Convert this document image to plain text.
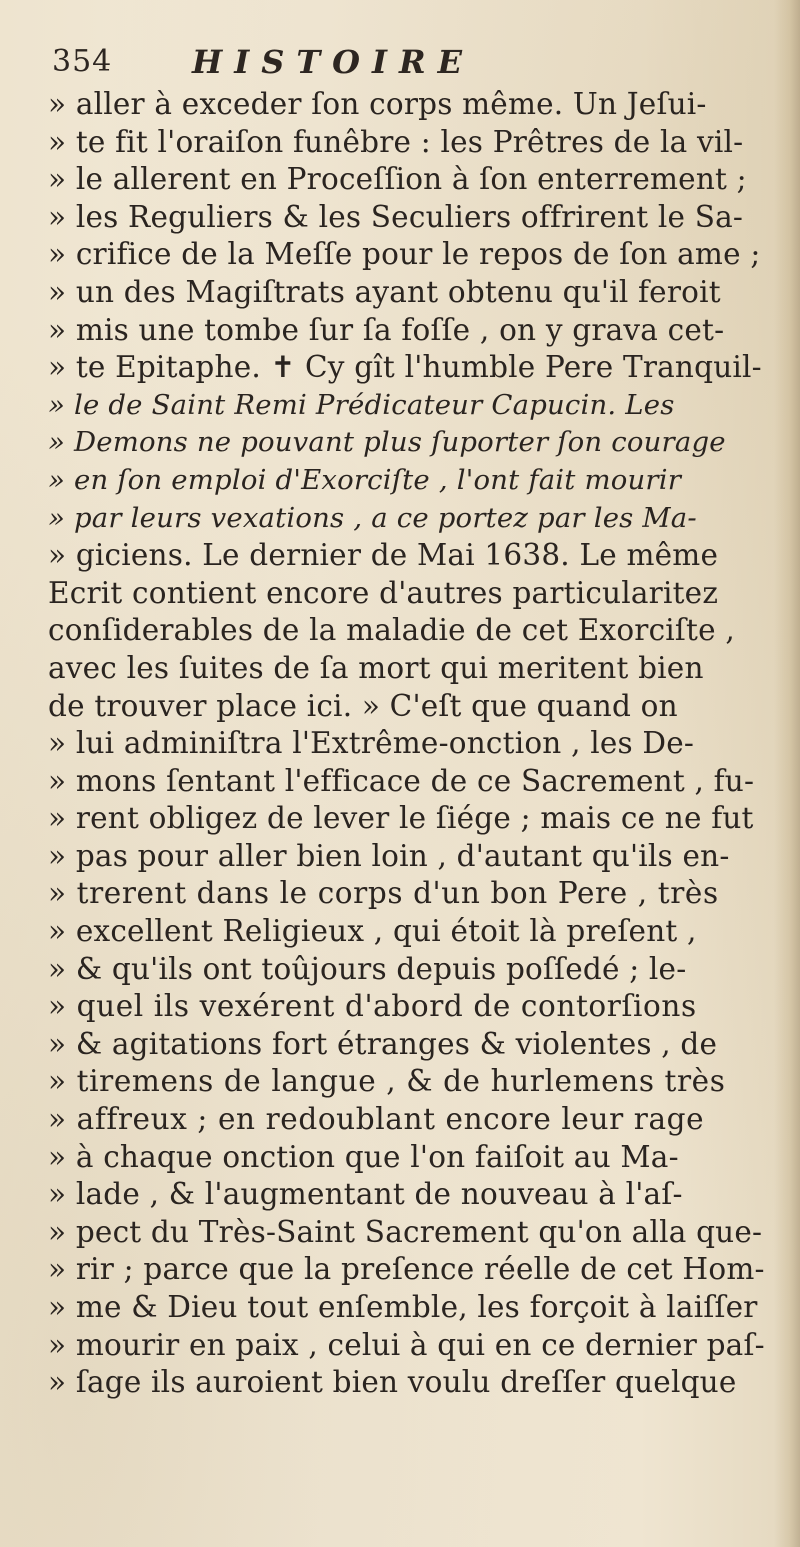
354 HISTOIRE
» aller à exceder ſon corps même. Un Jeſui-
» te fit l'oraiſon funêbre : les Prêtres de la vil-
» le allerent en Proceſſion à ſon enterrement ;
» les Reguliers & les Seculiers offrirent le Sa-
» crifice de la Meſſe pour le repos de ſon ame ;
» un des Magiſtrats ayant obtenu qu'il feroit
» mis une tombe ſur ſa foſſe , on y grava cet-
» te Epitaphe. ✝ Cy gît l'humble Pere Tranquil-
» le de Saint Remi Prédicateur Capucin. Les
» Demons ne pouvant plus ſuporter ſon courage
» en ſon emploi d'Exorciſte , l'ont fait mourir
» par leurs vexations , a ce portez par les Ma-
» giciens. Le dernier de Mai 1638. Le même
Ecrit contient encore d'autres particularitez
conſiderables de la maladie de cet Exorciſte ,
avec les ſuites de ſa mort qui meritent bien
de trouver place ici. » C'eſt que quand on
» lui adminiſtra l'Extrême-onction , les De-
» mons ſentant l'efficace de ce Sacrement , fu-
» rent obligez de lever le ſiége ; mais ce ne fut
» pas pour aller bien loin , d'autant qu'ils en-
» trerent dans le corps d'un bon Pere , très
» excellent Religieux , qui étoit là preſent ,
» & qu'ils ont toûjours depuis poſſedé ; le-
» quel ils vexérent d'abord de contorſions
» & agitations fort étranges & violentes , de
» tiremens de langue , & de hurlemens très
» affreux ; en redoublant encore leur rage
» à chaque onction que l'on faiſoit au Ma-
» lade , & l'augmentant de nouveau à l'aſ-
» pect du Très-Saint Sacrement qu'on alla que-
» rir ; parce que la preſence réelle de cet Hom-
» me & Dieu tout enſemble, les forçoit à laiſſer
» mourir en paix , celui à qui en ce dernier paſ-
» ſage ils auroient bien voulu dreſſer quelque
